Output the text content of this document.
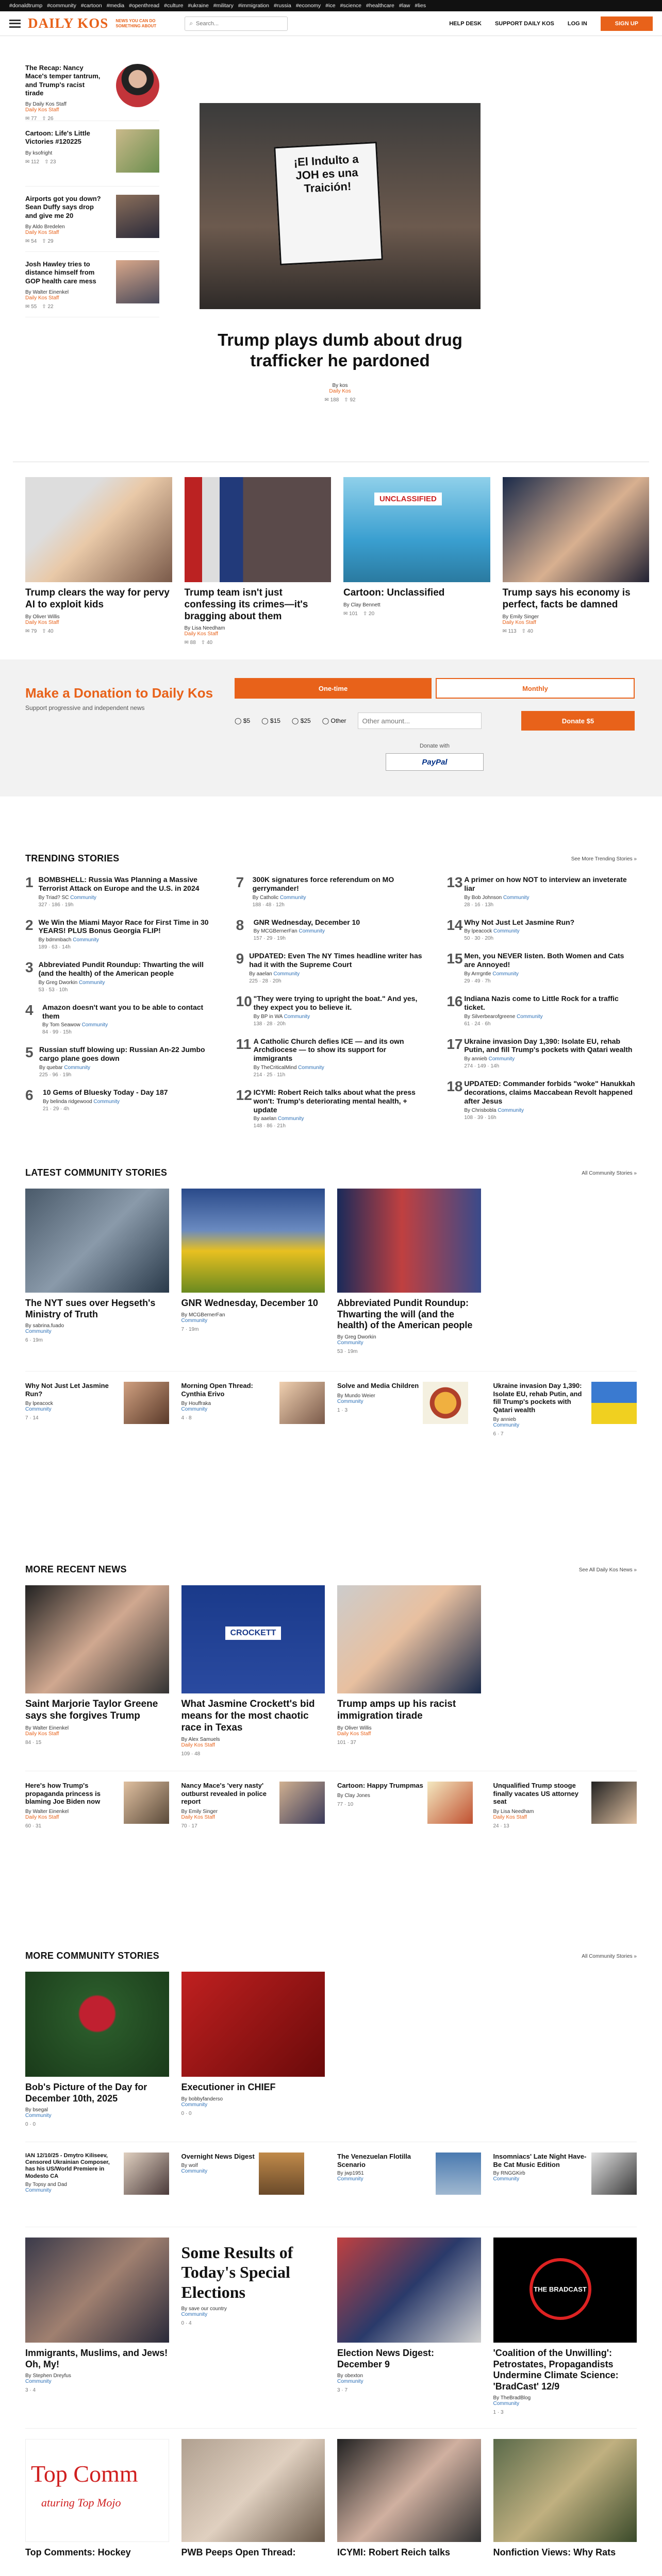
#donaldtrump #community #cartoon #media #openthread #culture #ukraine #military #immigration #russia #economy #ice #science #healthcare #law #lies
DAILY KOS NEWS YOU CAN DO SOMETHING ABOUT	⌕
Search...	HELP DESK SUPPORT DAILY KOS LOG IN	SIGN UP
The Recap: Nancy Mace's temper tantrum, and Trump's racist tirade
By Daily Kos Staff
Daily Kos Staff
✉ 77 ⇧ 26
Cartoon: Life's Little Victories #120225
By ksofright
✉ 112 ⇧ 23
Airports got you down? Sean Duffy says drop and give me 20
By Aldo Bredelen
Daily Kos Staff
✉ 54 ⇧ 29
Josh Hawley tries to distance himself from GOP health care mess
By Walter Einenkel
Daily Kos Staff
✉ 55 ⇧ 22
¡El Indulto a JOH es una Traición!
Trump plays dumb about drug trafficker he pardoned
By kos
Daily Kos
✉ 188 ⇧ 92
Trump clears the way for pervy AI to exploit kids
By Oliver Willis
Daily Kos Staff
✉ 79 ⇧ 40
Trump team isn't just confessing its crimes—it's bragging about them
By Lisa Needham
Daily Kos Staff
✉ 88 ⇧ 40
UNCLASSIFIED
Cartoon: Unclassified
By Clay Bennett
✉ 101 ⇧ 20
Trump says his economy is perfect, facts be damned
By Emily Singer
Daily Kos Staff
✉ 113 ⇧ 40
Make a Donation to Daily Kos
Support progressive and independent news
One-time	Monthly
◯ $5 ◯ $15 ◯ $25 ◯ Other
Other amount...	Donate $5
Donate with
PayPal
TRENDING STORIES	See More Trending Stories »
1 BOMBSHELL: Russia Was Planning a Massive Terrorist Attack on Europe and the U.S. in 2024
By Triad? SC Community
327 · 186 · 19h
2 We Win the Miami Mayor Race for First Time in 30 YEARS! PLUS Bonus Georgia FLIP!
By bdmmbach Community
189 · 63 · 14h
3 Abbreviated Pundit Roundup: Thwarting the will (and the health) of the American people
By Greg Dworkin Community
53 · 53 · 10h
4	Amazon doesn't want you to be able to contact them
By Tom Seawow Community
84 · 99 · 15h
5 Russian stuff blowing up: Russian An-22 Jumbo cargo plane goes down
By quebar Community
225 · 96 · 19h
6	10 Gems of Bluesky Today - Day 187
By belinda ridgewood Community
21 · 29 · 4h
7	300K signatures force referendum on MO gerrymander!
By Catholic Community
188 · 48 · 12h
8	GNR Wednesday, December 10
By MCGBernerFan Community
157 · 29 · 19h
9 UPDATED: Even The NY Times headline writer has had it with the Supreme Court
By aaelan Community
225 · 28 · 20h
10 "They were trying to upright the boat." And yes, they expect you to believe it.
By BP in WA Community
138 · 28 · 20h
11 A Catholic Church defies ICE — and its own Archdiocese — to show its support for immigrants
By TheCriticalMind Community
214 · 25 · 11h
12 ICYMI: Robert Reich talks about what the press won't: Trump's deteriorating mental health, + update
By aaelan Community
148 · 86 · 21h
13 A primer on how NOT to interview an inveterate liar
By Bob Johnson Community
28 · 16 · 13h
14 Why Not Just Let Jasmine Run?
By lpeacock Community
50 · 30 · 20h
15 Men, you NEVER listen. Both Women and Cats are Annoyed!
By Arrrgntle Community
29 · 49 · 7h
16 Indiana Nazis come to Little Rock for a traffic ticket.
By Silverbearofgreene Community
61 · 24 · 6h
17 Ukraine invasion Day 1,390: Isolate EU, rehab Putin, and fill Trump's pockets with Qatari wealth
By annieb Community
274 · 149 · 14h
18 UPDATED: Commander forbids "woke" Hanukkah decorations, claims Maccabean Revolt happened after Jesus
By Chrisbobla Community
108 · 39 · 16h
LATEST COMMUNITY STORIES	All Community Stories »
The NYT sues over Hegseth's Ministry of Truth
By sabrina.fuado
Community
6 · 19m
GNR Wednesday, December 10
By MCGBernerFan
Community
7 · 19m
Abbreviated Pundit Roundup: Thwarting the will (and the health) of the American people
By Greg Dworkin
Community
53 · 19m
Why Not Just Let Jasmine Run?
By lpeacock
Community
7 · 14
Morning Open Thread: Cynthia Erivo
By Houffraka
Community
4 · 8
Solve and Media Children
By Mundo Weier
Community
1 · 3
Ukraine invasion Day 1,390: Isolate EU, rehab Putin, and fill Trump's pockets with Qatari wealth
By annieb
Community
6 · 7
MORE RECENT NEWS	See All Daily Kos News »
Saint Marjorie Taylor Greene says she forgives Trump
By Walter Einenkel
Daily Kos Staff
84 · 15
CROCKETT
What Jasmine Crockett's bid means for the most chaotic race in Texas
By Alex Samuels
Daily Kos Staff
109 · 48
Trump amps up his racist immigration tirade
By Oliver Willis
Daily Kos Staff
101 · 37
Here's how Trump's propaganda princess is blaming Joe Biden now
By Walter Einenkel
Daily Kos Staff
60 · 31
Nancy Mace's 'very nasty' outburst revealed in police report
By Emily Singer
Daily Kos Staff
70 · 17
Cartoon: Happy Trumpmas
By Clay Jones
77 · 10
Unqualified Trump stooge finally vacates US attorney seat
By Lisa Needham
Daily Kos Staff
24 · 13
MORE COMMUNITY STORIES	All Community Stories »
Bob's Picture of the Day for December 10th, 2025
By bsegal
Community
0 · 0
Executioner in CHIEF
By bobbyfanderso
Community
0 · 0
IAN 12/10/25 - Dmytro Kiliseev, Censored Ukrainian Composer, has his US/World Premiere in Modesto CA
By Topsy and Dad
Community
Overnight News Digest
By wolf
Community
The Venezuelan Flotilla Scenario
By jwp1951
Community
Insomniacs' Late Night Have-Be Cat Music Edition
By RNGGKirb
Community
Immigrants, Muslims, and Jews! Oh, My!
By Stephen Dreyfus
Community
3 · 4
Some Results of Today's Special Elections
By save our country
Community
0 · 4
Election News Digest: December 9
By obexton
Community
3 · 7
THE BRADCAST
'Coalition of the Unwilling': Petrostates, Propagandists Undermine Climate Science: 'BradCast' 12/9
By TheBradBlog
Community
1 · 3
Top Comm
aturing Top Mojo
Top Comments: Hockey	PWB Peeps Open Thread:	ICYMI: Robert Reich talks	Nonfiction Views: Why Rats
